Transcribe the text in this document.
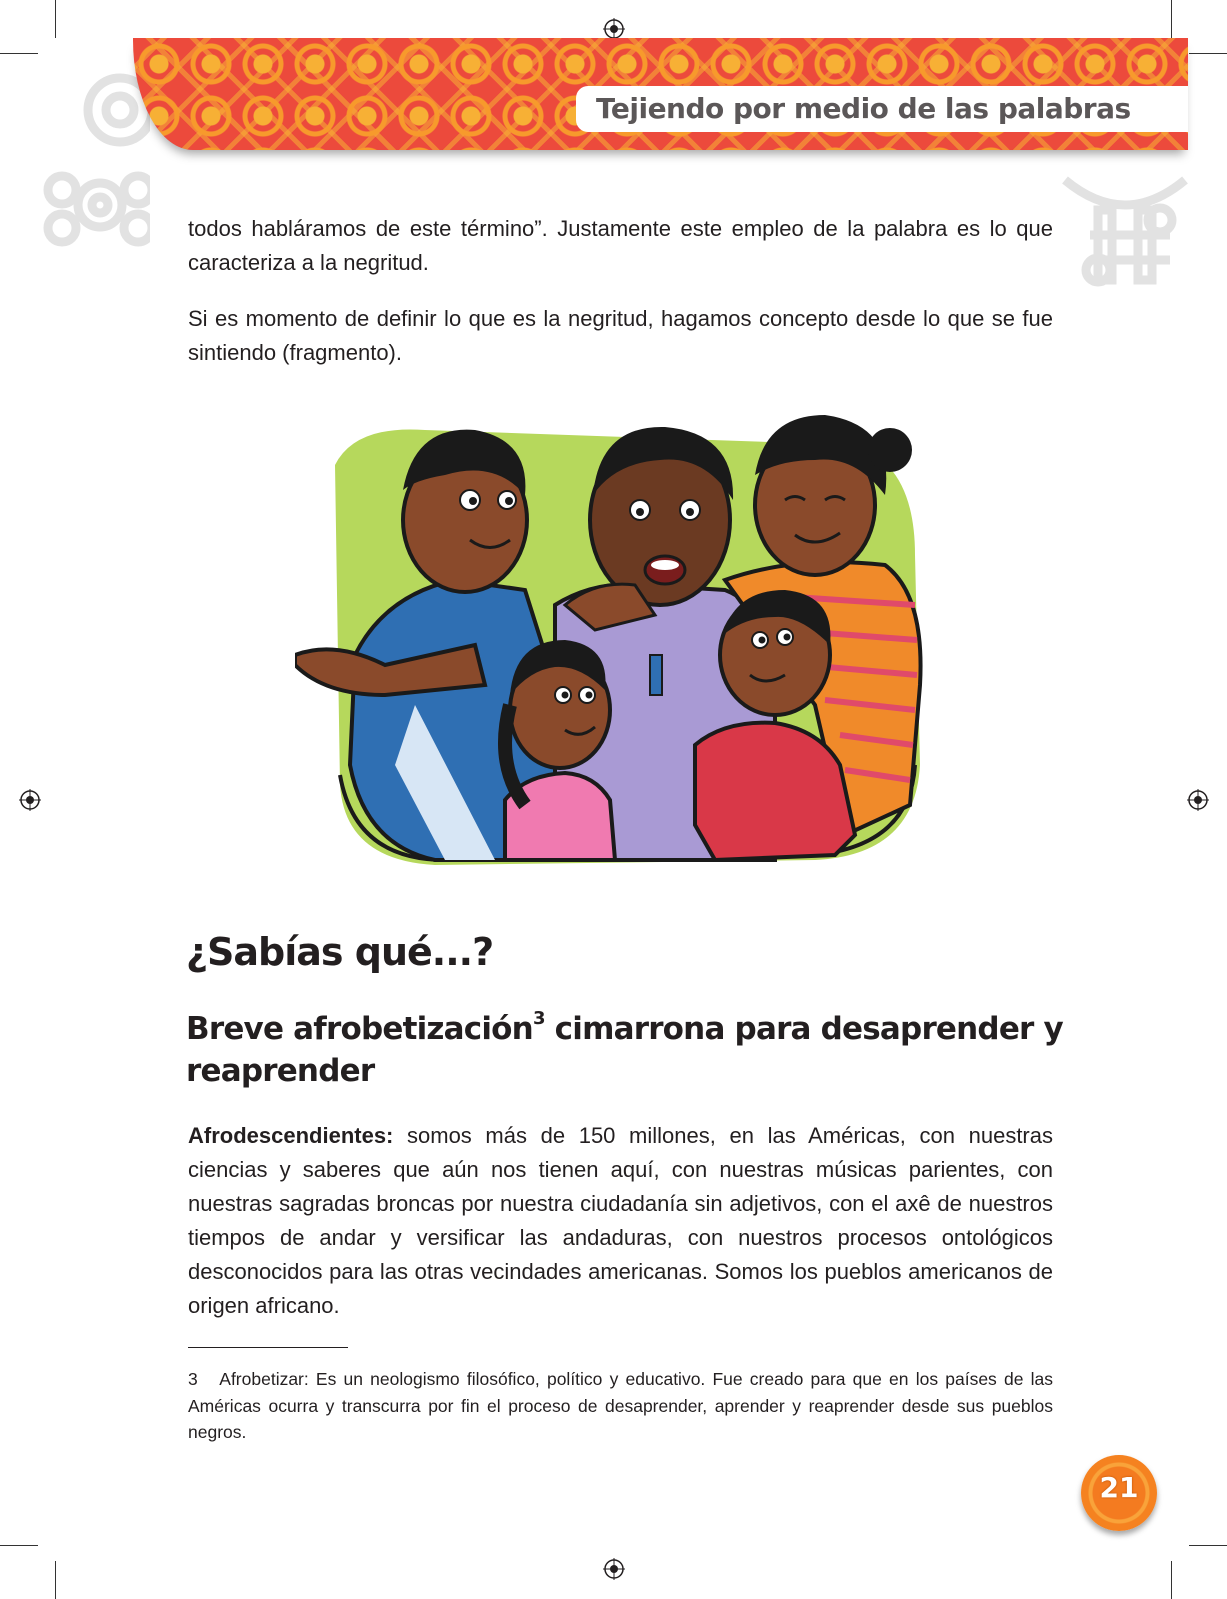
Tejiendo por medio de las palabras

todos habláramos de este término”. Justamente este empleo de la palabra es lo que caracteriza a la negritud.

Si es momento de definir lo que es la negritud, hagamos concepto desde lo que se fue sintiendo (fragmento).

¿Sabías qué...?
Breve afrobetización$^3$ cimarrona para desaprender y reaprender

Afrodescendientes: somos más de 150 millones, en las Américas, con nuestras ciencias y saberes que aún nos tienen aquí, con nuestras músicas parientes, con nuestras sagradas broncas por nuestra ciudadanía sin adjetivos, con el axê de nuestros tiempos de andar y versificar las andaduras, con nuestros procesos ontológicos desconocidos para las otras vecindades americanas. Somos los pueblos americanos de origen africano.

3 Afrobetizar: Es un neologismo filosófico, político y educativo. Fue creado para que en los países de las Américas ocurra y transcurra por fin el proceso de desaprender, aprender y reaprender desde sus pueblos negros.
21
